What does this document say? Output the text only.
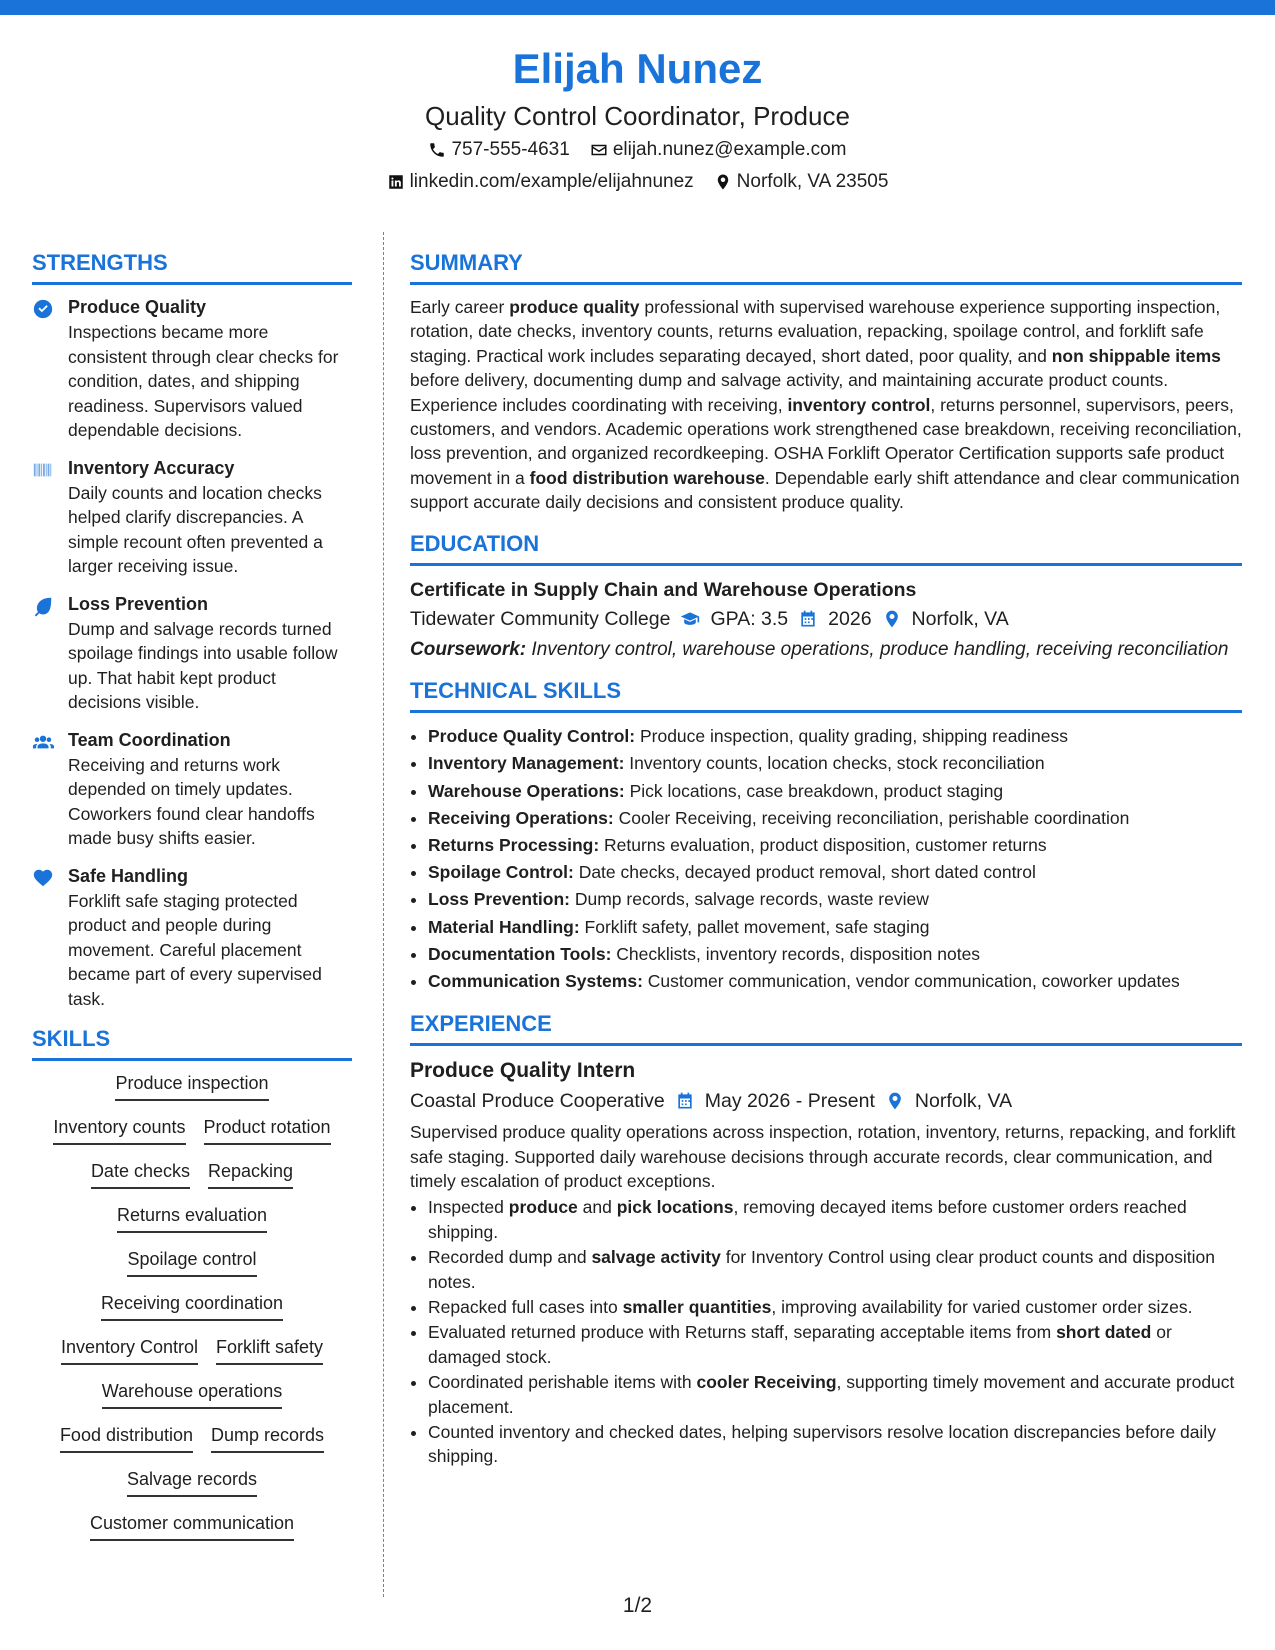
Elijah Nunez
Quality Control Coordinator, Produce
757-555-4631 elijah.nunez@example.com
linkedin.com/example/elijahnunez Norfolk, VA 23505
STRENGTHS
Produce Quality
Inspections became more consistent through clear checks for condition, dates, and shipping readiness. Supervisors valued dependable decisions.
Inventory Accuracy
Daily counts and location checks helped clarify discrepancies. A simple recount often prevented a larger receiving issue.
Loss Prevention
Dump and salvage records turned spoilage findings into usable follow up. That habit kept product decisions visible.
Team Coordination
Receiving and returns work depended on timely updates. Coworkers found clear handoffs made busy shifts easier.
Safe Handling
Forklift safe staging protected product and people during movement. Careful placement became part of every supervised task.
SKILLS
Produce inspection
Inventory counts Product rotation
Date checks Repacking
Returns evaluation
Spoilage control
Receiving coordination
Inventory Control Forklift safety
Warehouse operations
Food distribution Dump records
Salvage records
Customer communication
SUMMARY
Early career produce quality professional with supervised warehouse experience supporting inspection, rotation, date checks, inventory counts, returns evaluation, repacking, spoilage control, and forklift safe staging. Practical work includes separating decayed, short dated, poor quality, and non shippable items before delivery, documenting dump and salvage activity, and maintaining accurate product counts. Experience includes coordinating with receiving, inventory control, returns personnel, supervisors, peers, customers, and vendors. Academic operations work strengthened case breakdown, receiving reconciliation, loss prevention, and organized recordkeeping. OSHA Forklift Operator Certification supports safe product movement in a food distribution warehouse. Dependable early shift attendance and clear communication support accurate daily decisions and consistent produce quality.
EDUCATION
Certificate in Supply Chain and Warehouse Operations
Tidewater Community College GPA: 3.5 2026 Norfolk, VA
Coursework: Inventory control, warehouse operations, produce handling, receiving reconciliation
TECHNICAL SKILLS
• Produce Quality Control: Produce inspection, quality grading, shipping readiness
• Inventory Management: Inventory counts, location checks, stock reconciliation
• Warehouse Operations: Pick locations, case breakdown, product staging
• Receiving Operations: Cooler Receiving, receiving reconciliation, perishable coordination
• Returns Processing: Returns evaluation, product disposition, customer returns
• Spoilage Control: Date checks, decayed product removal, short dated control
• Loss Prevention: Dump records, salvage records, waste review
• Material Handling: Forklift safety, pallet movement, safe staging
• Documentation Tools: Checklists, inventory records, disposition notes
• Communication Systems: Customer communication, vendor communication, coworker updates
EXPERIENCE
Produce Quality Intern
Coastal Produce Cooperative May 2026 - Present Norfolk, VA
Supervised produce quality operations across inspection, rotation, inventory, returns, repacking, and forklift safe staging. Supported daily warehouse decisions through accurate records, clear communication, and timely escalation of product exceptions.
• Inspected produce and pick locations, removing decayed items before customer orders reached shipping.
• Recorded dump and salvage activity for Inventory Control using clear product counts and disposition notes.
• Repacked full cases into smaller quantities, improving availability for varied customer order sizes.
• Evaluated returned produce with Returns staff, separating acceptable items from short dated or damaged stock.
• Coordinated perishable items with cooler Receiving, supporting timely movement and accurate product placement.
• Counted inventory and checked dates, helping supervisors resolve location discrepancies before daily shipping.
1/2
